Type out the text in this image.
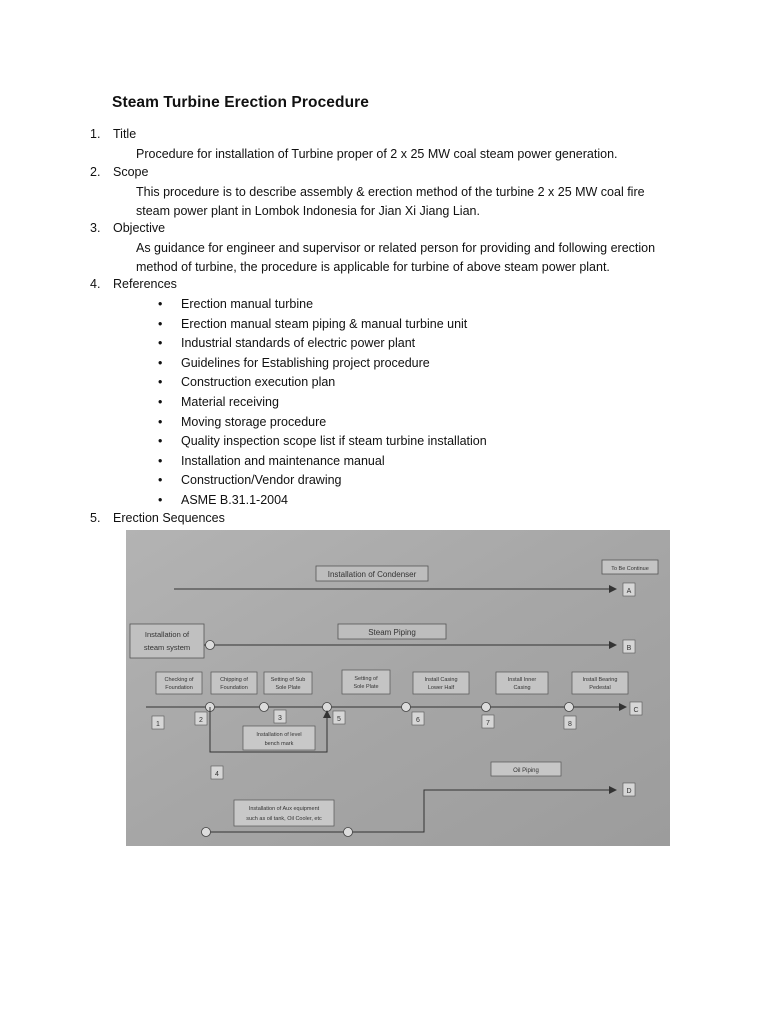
Steam Turbine Erection Procedure
1. Title
Procedure for installation of Turbine proper of 2 x 25 MW coal steam power generation.
2. Scope
This procedure is to describe assembly & erection method of the turbine 2 x 25 MW coal fire
steam power plant in Lombok Indonesia for Jian Xi Jiang Lian.
3. Objective
As guidance for engineer and supervisor or related person for providing and following erection
method of turbine, the procedure is applicable for turbine of above steam power plant.
4. References
• Erection manual turbine
• Erection manual steam piping & manual turbine unit
• Industrial standards of electric power plant
• Guidelines for Establishing project procedure
• Construction execution plan
• Material receiving
• Moving storage procedure
• Quality inspection scope list if steam turbine installation
• Installation and maintenance manual
• Construction/Vendor drawing
• ASME B.31.1-2004
5. Erection Sequences
Installation of Condenser
To Be Continue
A
Installation of
steam system
Steam Piping
B
Checking of
Foundation
Chipping of
Foundation
Setting of Sub
Sole Plate
Setting of
Sole Plate
Install Casing
Lower Half
Install Inner
Casing
Install Bearing
Pedestal
C
1
2	3
4
5	6	7	8
Installation of level
bench mark
Oil Piping
Installation of Aux equipment
such as oil tank, Oil Cooler, etc
D
